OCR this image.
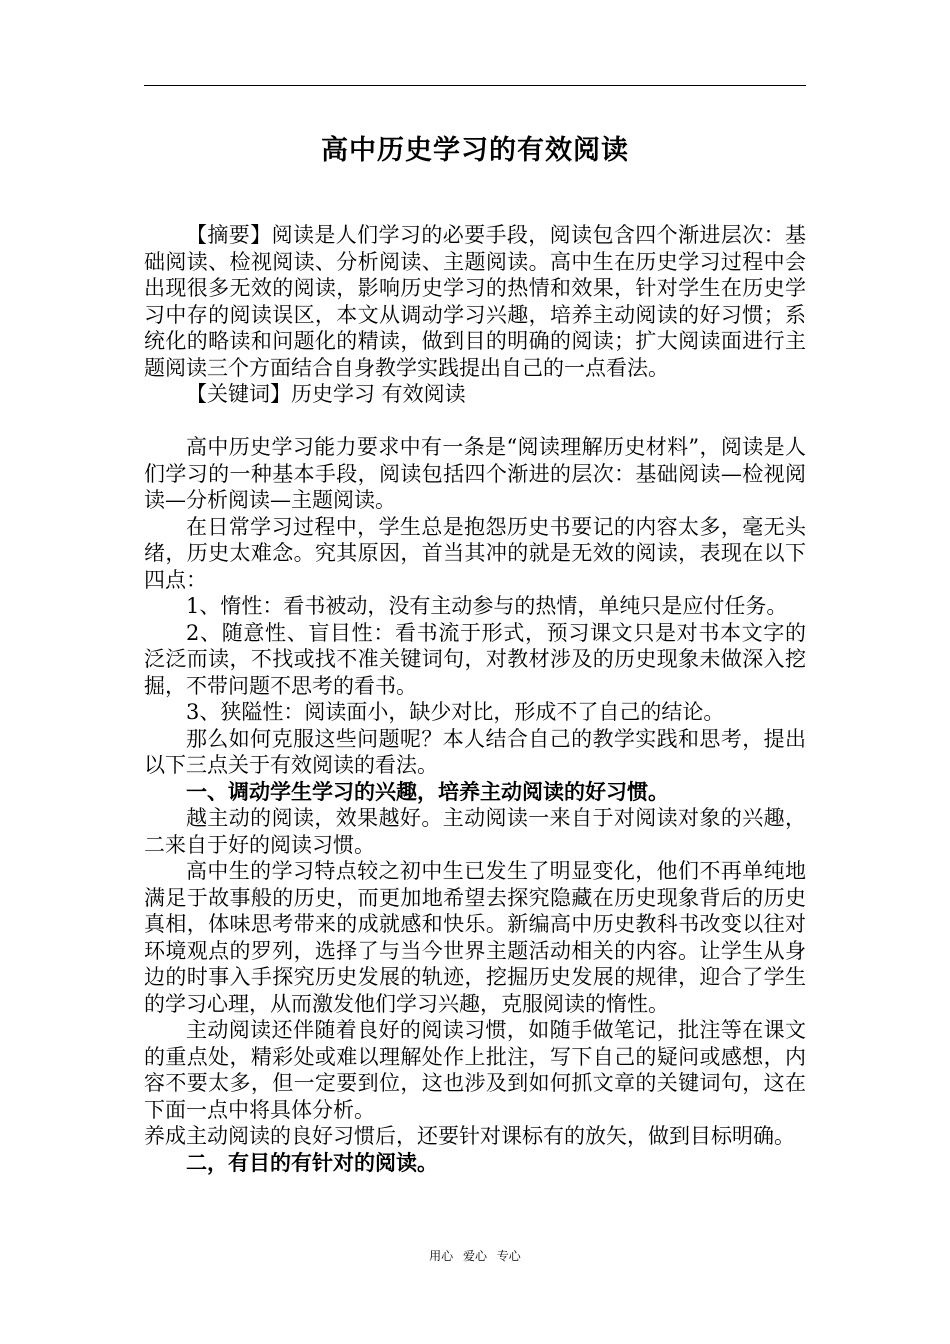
高中历史学习的有效阅读

【摘要】阅读是人们学习的必要手段，阅读包含四个渐进层次：基础阅读、检视阅读、分析阅读、主题阅读。高中生在历史学习过程中会出现很多无效的阅读，影响历史学习的热情和效果，针对学生在历史学习中存的阅读误区，本文从调动学习兴趣，培养主动阅读的好习惯；系统化的略读和问题化的精读，做到目的明确的阅读；扩大阅读面进行主题阅读三个方面结合自身教学实践提出自己的一点看法。

【关键词】历史学习 有效阅读

高中历史学习能力要求中有一条是“阅读理解历史材料”，阅读是人们学习的一种基本手段，阅读包括四个渐进的层次：基础阅读—检视阅读—分析阅读—主题阅读。

在日常学习过程中，学生总是抱怨历史书要记的内容太多，毫无头绪，历史太难念。究其原因，首当其冲的就是无效的阅读，表现在以下四点：

1、惰性：看书被动，没有主动参与的热情，单纯只是应付任务。

2、随意性、盲目性：看书流于形式，预习课文只是对书本文字的泛泛而读，不找或找不准关键词句，对教材涉及的历史现象未做深入挖掘，不带问题不思考的看书。

3、狭隘性：阅读面小，缺少对比，形成不了自己的结论。

那么如何克服这些问题呢？本人结合自己的教学实践和思考，提出以下三点关于有效阅读的看法。

一、调动学生学习的兴趣，培养主动阅读的好习惯。

越主动的阅读，效果越好。主动阅读一来自于对阅读对象的兴趣，二来自于好的阅读习惯。

高中生的学习特点较之初中生已发生了明显变化，他们不再单纯地满足于故事般的历史，而更加地希望去探究隐藏在历史现象背后的历史真相，体味思考带来的成就感和快乐。新编高中历史教科书改变以往对环境观点的罗列，选择了与当今世界主题活动相关的内容。让学生从身边的时事入手探究历史发展的轨迹，挖掘历史发展的规律，迎合了学生的学习心理，从而激发他们学习兴趣，克服阅读的惰性。

主动阅读还伴随着良好的阅读习惯，如随手做笔记，批注等在课文的重点处，精彩处或难以理解处作上批注，写下自己的疑问或感想，内容不要太多，但一定要到位，这也涉及到如何抓文章的关键词句，这在下面一点中将具体分析。

养成主动阅读的良好习惯后，还要针对课标有的放矢，做到目标明确。

二，有目的有针对的阅读。

用心 爱心 专心
